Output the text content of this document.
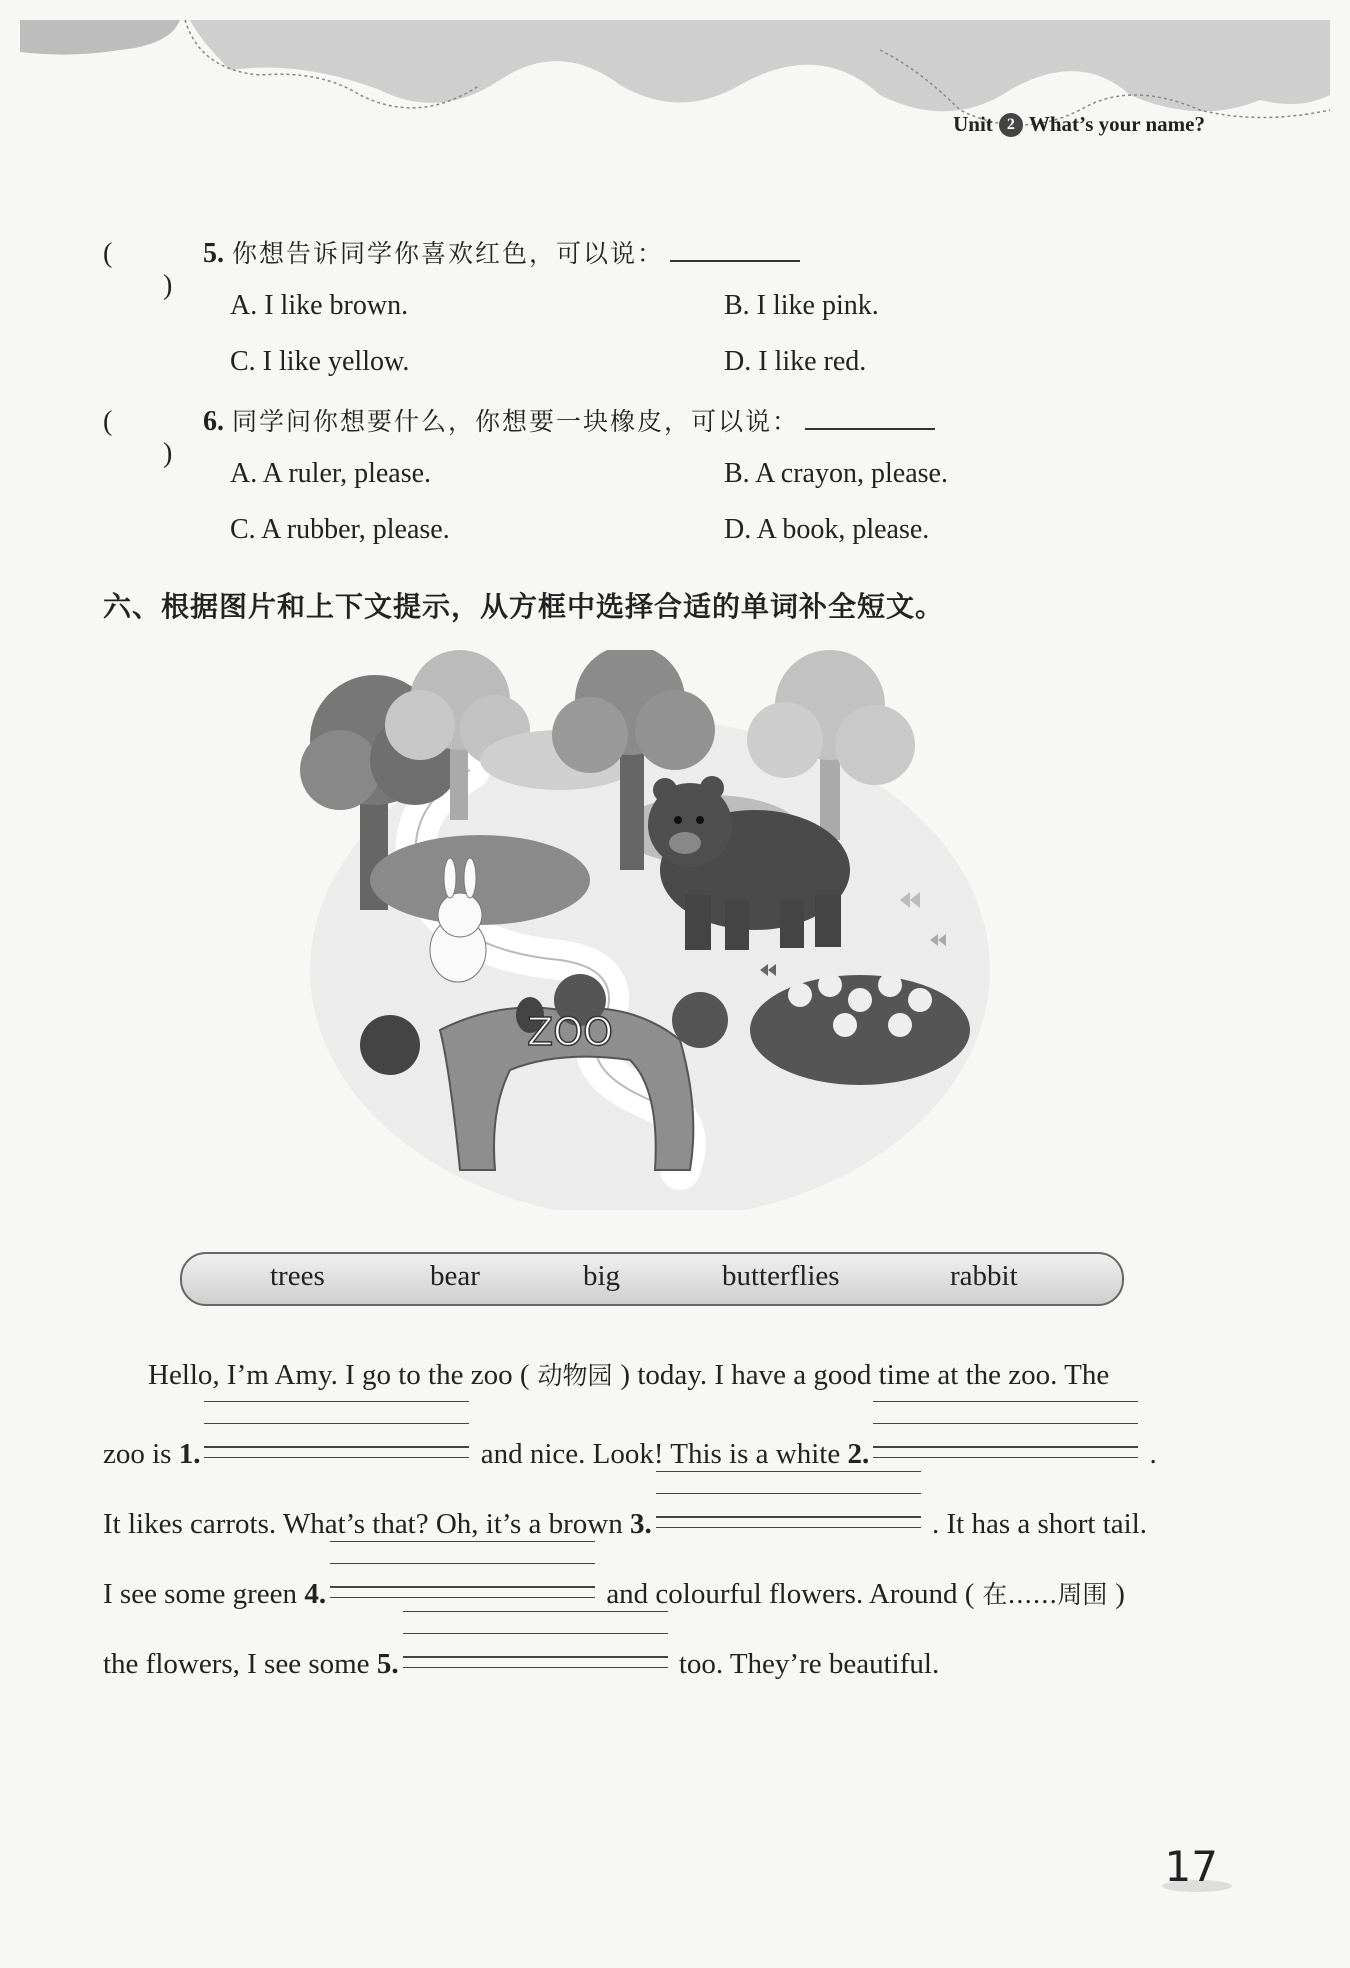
Unit 2 What’s your name?
( )
5. 你想告诉同学你喜欢红色，可以说：
A. I like brown.	B. I like pink.
C. I like yellow.	D. I like red.
( )
6. 同学问你想要什么，你想要一块橡皮，可以说：
A. A ruler, please.	B. A crayon, please.
C. A rubber, please.	D. A book, please.
六、根据图片和上下文提示，从方框中选择合适的单词补全短文。
ZOO
trees	bear	big	butterflies	rabbit
Hello, I’m Amy. I go to the zoo ( 动物园 ) today. I have a good time at the zoo. The
zoo is 1.	and nice. Look! This is a white 2.	.
It likes carrots. What’s that? Oh, it’s a brown 3.	. It has a short tail.
I see some green 4.	and colourful flowers. Around ( 在……周围 )
the flowers, I see some 5.	too. They’re beautiful.
17
